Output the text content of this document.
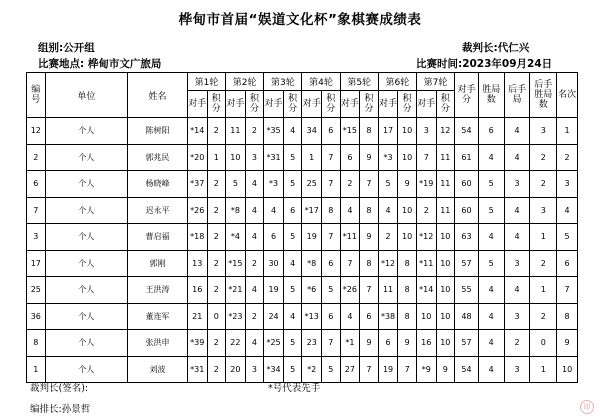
桦甸市首届“娱道文化杯”象棋赛成绩表
组别:公开组	裁判长:代仁兴
比赛地点: 桦甸市文广旅局	比赛时间:2023年09月24日
编号	单位	姓名	第1轮		第2轮		第3轮		第4轮		第5轮		第6轮		第7轮		对手分	胜局数	后手局	后手胜局数	名次
			对手	积分	对手	积分	对手	积分	对手	积分	对手	积分	对手	积分	对手	积分					
12	个人	陈树阳	*14	2	11	2	*35	4	34	6	*15	8	17	10	3	12	54	6	4	3	1
2	个人	郭兆民	*20	1	10	3	*31	5	1	7	6	9	*3	10	7	11	61	4	4	2	2
6	个人	杨晓峰	*37	2	5	4	*3	5	25	7	2	7	5	9	*19	11	60	5	3	2	3
7	个人	迟永平	*26	2	*8	4	4	6	*17	8	4	8	4	10	2	11	60	5	4	3	4
3	个人	曹启福	*18	2	*4	4	6	5	19	7	*11	9	2	10	*12	10	63	4	4	1	5
17	个人	郭刚	13	2	*15	2	30	4	*8	6	7	8	*12	8	*11	10	57	5	3	2	6
25	个人	王洪涛	16	2	*21	4	19	5	*6	5	*26	7	11	8	*14	10	55	4	4	1	7
36	个人	董连军	21	0	*23	2	24	4	*13	6	4	6	*38	8	10	10	48	4	3	2	8
8	个人	张洪申	*39	2	22	4	*25	5	23	7	*1	9	6	9	16	10	57	4	2	0	9
1	个人	刘波	*31	2	20	3	*34	5	*2	5	27	7	19	7	*9	9	54	4	3	1	10
裁判长(签名):	*号代表先手
编排长:孙景哲	印
